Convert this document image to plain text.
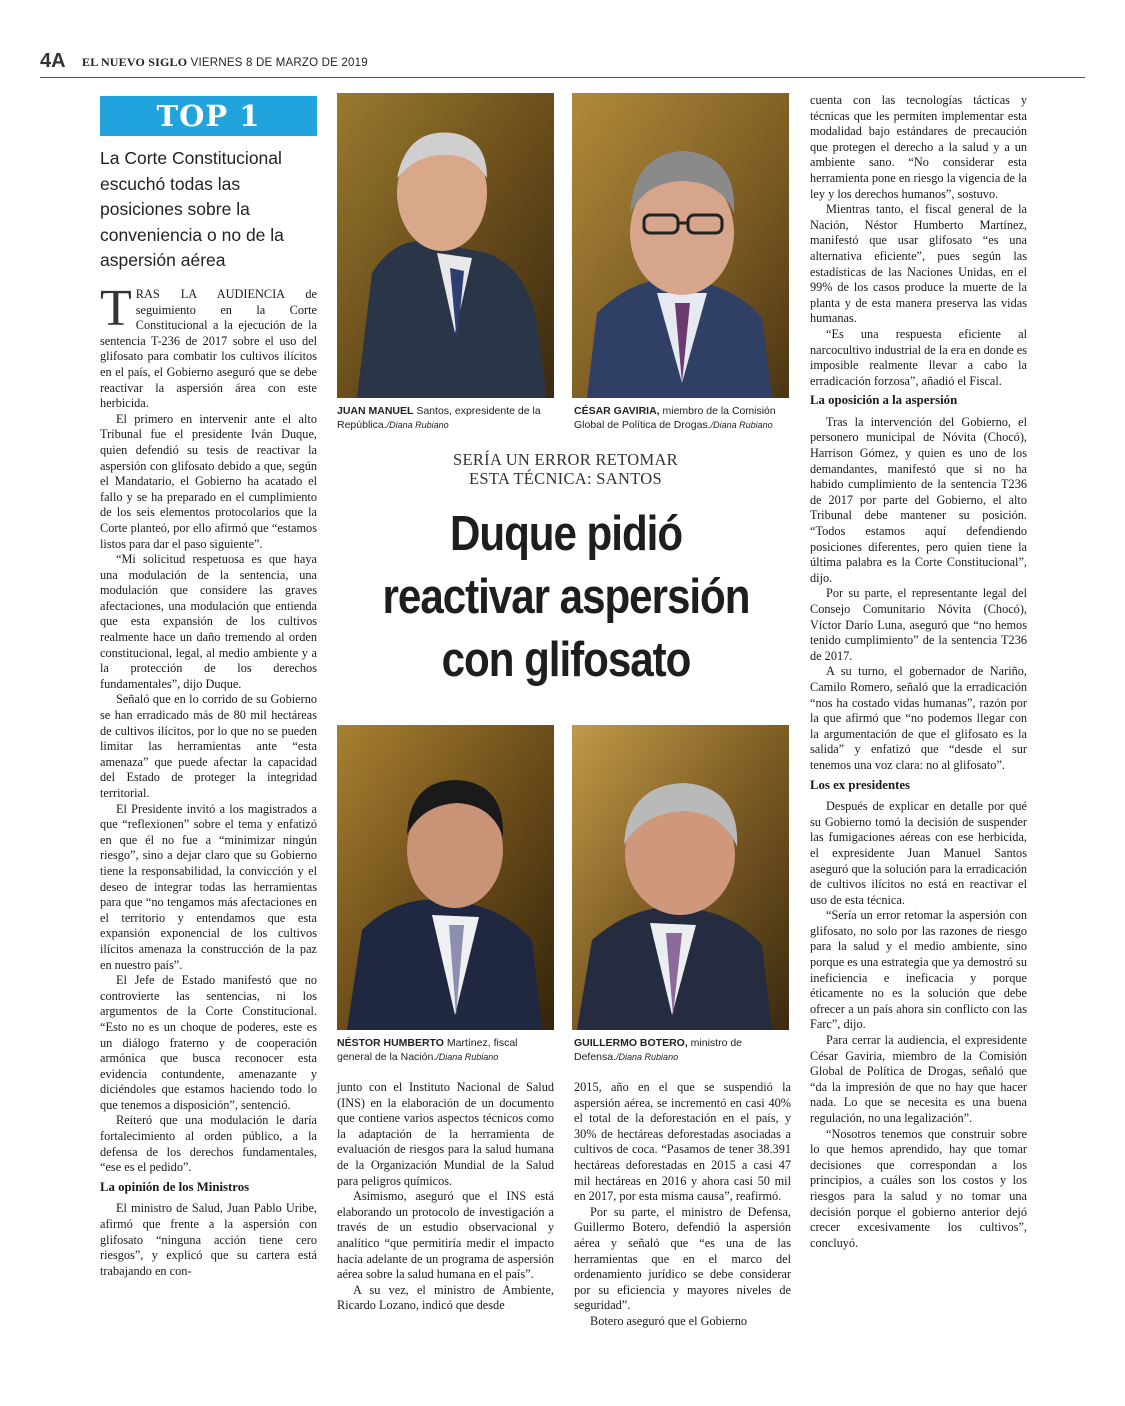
4A EL NUEVO SIGLO VIERNES 8 DE MARZO DE 2019
TOP 1
La Corte Constitucional escuchó todas las posiciones sobre la conveniencia o no de la aspersión aérea

TRAS LA AUDIENCIA de seguimiento en la Corte Constitucional a la ejecución de la sentencia T-236 de 2017 sobre el uso del glifosato para combatir los cultivos ilícitos en el país, el Gobierno aseguró que se debe reactivar la aspersión área con este herbicida.

El primero en intervenir ante el alto Tribunal fue el presidente Iván Duque, quien defendió su tesis de reactivar la aspersión con glifosato debido a que, según el Mandatario, el Gobierno ha acatado el fallo y se ha preparado en el cumplimiento de los seis elementos protocolarios que la Corte planteó, por ello afirmó que “estamos listos para dar el paso siguiente”.

“Mi solicitud respetuosa es que haya una modulación de la sentencia, una modulación que considere las graves afectaciones, una modulación que entienda que esta expansión de los cultivos realmente hace un daño tremendo al orden constitucional, legal, al medio ambiente y a la protección de los derechos fundamentales”, dijo Duque.

Señaló que en lo corrido de su Gobierno se han erradicado más de 80 mil hectáreas de cultivos ilícitos, por lo que no se pueden limitar las herramientas ante “esta amenaza” que puede afectar la capacidad del Estado de proteger la integridad territorial.

El Presidente invitó a los magistrados a que “reflexionen” sobre el tema y enfatizó en que él no fue a “minimizar ningún riesgo”, sino a dejar claro que su Gobierno tiene la responsabilidad, la convicción y el deseo de integrar todas las herramientas para que “no tengamos más afectaciones en el territorio y entendamos que esta expansión exponencial de los cultivos ilícitos amenaza la construcción de la paz en nuestro país”.

El Jefe de Estado manifestó que no controvierte las sentencias, ni los argumentos de la Corte Constitucional. “Esto no es un choque de poderes, este es un diálogo fraterno y de cooperación armónica que busca reconocer esta evidencia contundente, amenazante y diciéndoles que estamos haciendo todo lo que tenemos a disposición”, sentenció.

Reiteró que una modulación le daría fortalecimiento al orden público, a la defensa de los derechos fundamentales, “ese es el pedido”.

La opinión de los Ministros

El ministro de Salud, Juan Pablo Uribe, afirmó que frente a la aspersión con glifosato “ninguna acción tiene cero riesgos”, y explicó que su cartera está trabajando en con-

JUAN MANUEL Santos, expresidente de la República./Diana Rubiano
CÉSAR GAVIRIA, miembro de la Comisión Global de Política de Drogas./Diana Rubiano
SERÍA UN ERROR RETOMAR
ESTA TÉCNICA: SANTOS
Duque pidió
reactivar aspersión
con glifosato
NÉSTOR HUMBERTO Martínez, fiscal general de la Nación./Diana Rubiano
GUILLERMO BOTERO, ministro de Defensa./Diana Rubiano

junto con el Instituto Nacional de Salud (INS) en la elaboración de un documento que contiene varios aspectos técnicos como la adaptación de la herramienta de evaluación de riesgos para la salud humana de la Organización Mundial de la Salud para peligros químicos.

Asimismo, aseguró que el INS está elaborando un protocolo de investigación a través de un estudio observacional y analítico “que permitiría medir el impacto hacia adelante de un programa de aspersión aérea sobre la salud humana en el país”.

A su vez, el ministro de Ambiente, Ricardo Lozano, indicó que desde

2015, año en el que se suspendió la aspersión aérea, se incrementó en casi 40% el total de la deforestación en el país, y 30% de hectáreas deforestadas asociadas a cultivos de coca. “Pasamos de tener 38.391 hectáreas deforestadas en 2015 a casi 47 mil hectáreas en 2016 y ahora casi 50 mil en 2017, por esta misma causa”, reafirmó.

Por su parte, el ministro de Defensa, Guillermo Botero, defendió la aspersión aérea y señaló que “es una de las herramientas que en el marco del ordenamiento jurídico se debe considerar por su eficiencia y mayores niveles de seguridad”.

Botero aseguró que el Gobierno

cuenta con las tecnologías tácticas y técnicas que les permiten implementar esta modalidad bajo estándares de precaución que protegen el derecho a la salud y a un ambiente sano. “No considerar esta herramienta pone en riesgo la vigencia de la ley y los derechos humanos”, sostuvo.

Mientras tanto, el fiscal general de la Nación, Néstor Humberto Martínez, manifestó que usar glifosato “es una alternativa eficiente”, pues según las estadísticas de las Naciones Unidas, en el 99% de los casos produce la muerte de la planta y de esta manera preserva las vidas humanas.

“Es una respuesta eficiente al narcocultivo industrial de la era en donde es imposible realmente llevar a cabo la erradicación forzosa”, añadió el Fiscal.

La oposición a la aspersión

Tras la intervención del Gobierno, el personero municipal de Nóvita (Chocó), Harrison Gómez, y quien es uno de los demandantes, manifestó que si no ha habido cumplimiento de la sentencia T236 de 2017 por parte del Gobierno, el alto Tribunal debe mantener su posición. “Todos estamos aquí defendiendo posiciones diferentes, pero quien tiene la última palabra es la Corte Constitucional”, dijo.

Por su parte, el representante legal del Consejo Comunitario Nóvita (Chocó), Víctor Darío Luna, aseguró que “no hemos tenido cumplimiento” de la sentencia T236 de 2017.

A su turno, el gobernador de Nariño, Camilo Romero, señaló que la erradicación “nos ha costado vidas humanas”, razón por la que afirmó que “no podemos llegar con la argumentación de que el glifosato es la salida” y enfatizó que “desde el sur tenemos una voz clara: no al glifosato”.

Los ex presidentes

Después de explicar en detalle por qué su Gobierno tomó la decisión de suspender las fumigaciones aéreas con ese herbicida, el expresidente Juan Manuel Santos aseguró que la solución para la erradicación de cultivos ilícitos no está en reactivar el uso de esta técnica.

“Sería un error retomar la aspersión con glifosato, no solo por las razones de riesgo para la salud y el medio ambiente, sino porque es una estrategia que ya demostró su ineficiencia e ineficacia y porque éticamente no es la solución que debe ofrecer a un país ahora sin conflicto con las Farc”, dijo.

Para cerrar la audiencia, el expresidente César Gaviria, miembro de la Comisión Global de Política de Drogas, señaló que “da la impresión de que no hay que hacer nada. Lo que se necesita es una buena regulación, no una legalización”.

“Nosotros tenemos que construir sobre lo que hemos aprendido, hay que tomar decisiones que correspondan a los principios, a cuáles son los costos y los riesgos para la salud y no tomar una decisión porque el gobierno anterior dejó crecer excesivamente los cultivos”, concluyó.
